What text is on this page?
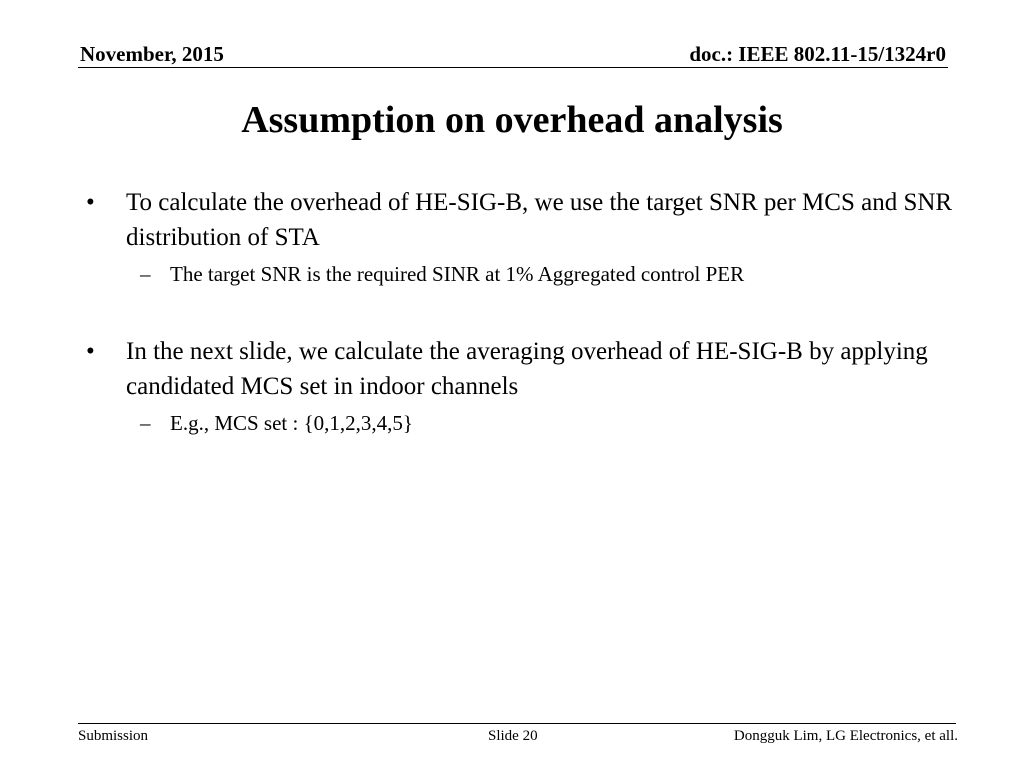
November, 2015	doc.: IEEE 802.11-15/1324r0
Assumption on overhead analysis
• To calculate the overhead of HE-SIG-B, we use the target SNR per MCS and SNR distribution of STA
– The target SNR is the required SINR at 1% Aggregated control PER
• In the next slide, we calculate the averaging overhead of HE-SIG-B by applying candidated MCS set in indoor channels
– E.g., MCS set : {0,1,2,3,4,5}
Submission	Slide 20	Dongguk Lim, LG Electronics, et all.
